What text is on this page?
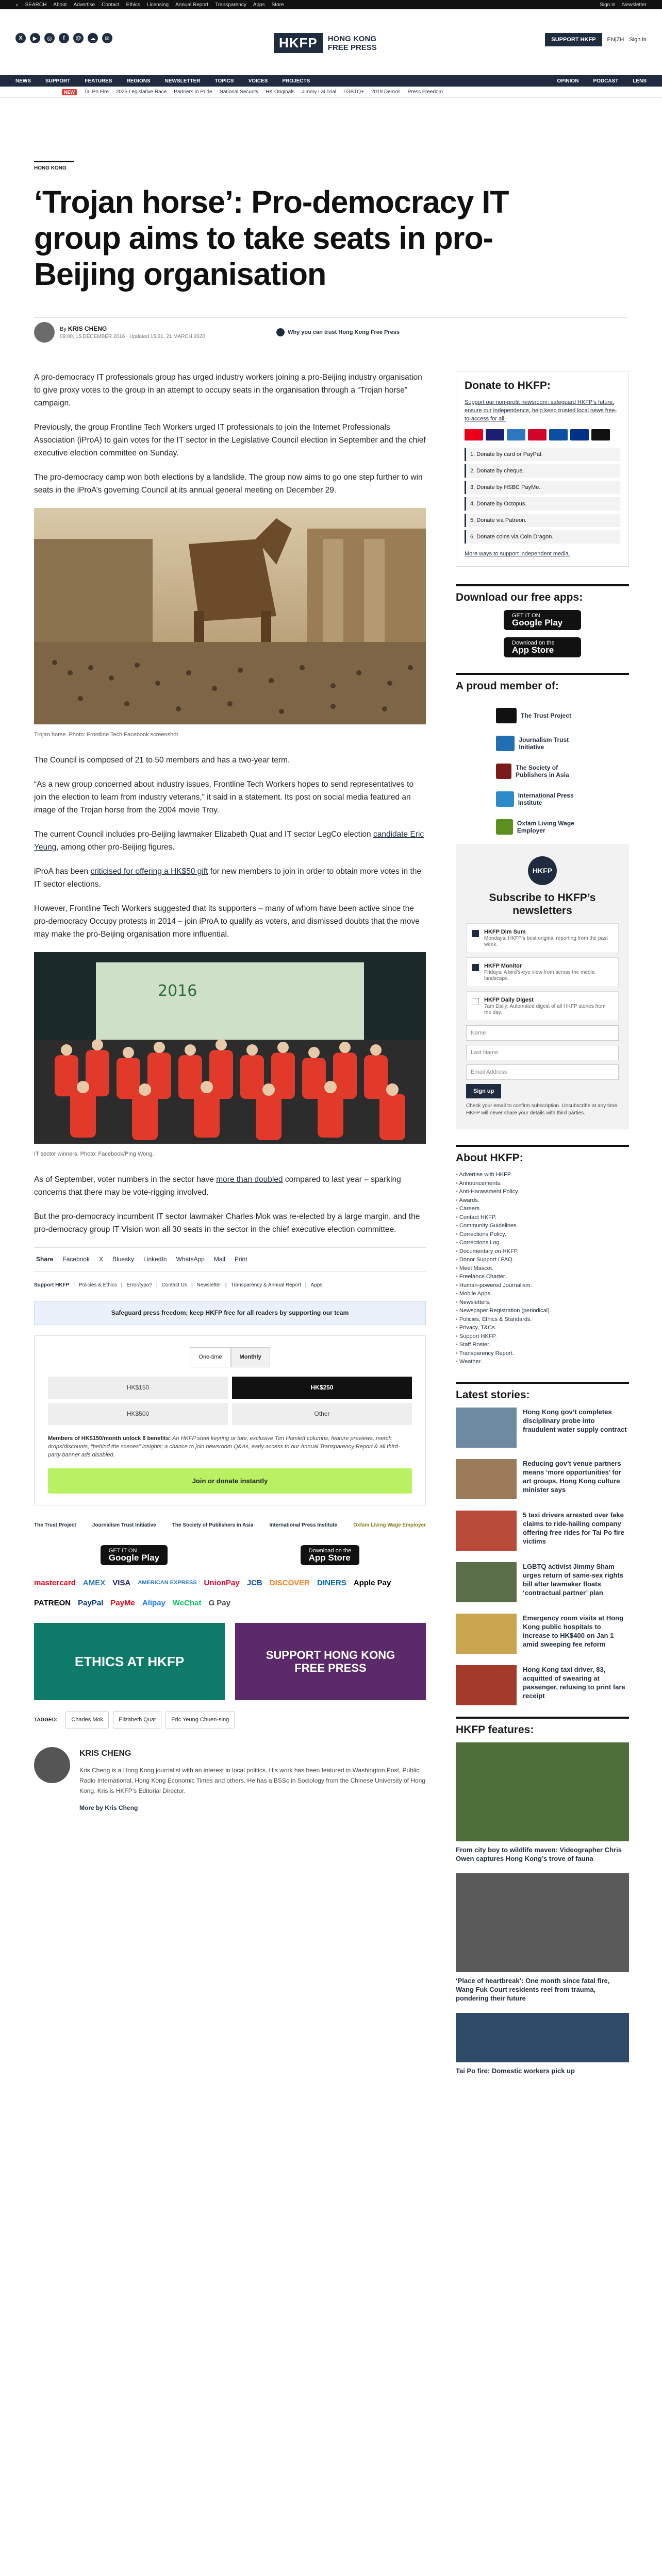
⌕ SEARCH About Advertise Contact Ethics Licensing Annual Report Transparency Apps Store	Sign in Newsletter
X	▶	◎	f	@	☁	✉	HKFP	HONG KONG
FREE PRESS
SUPPORT HKFP	EN|ZH Sign in
NEWS	SUPPORT	FEATURES	REGIONS	NEWSLETTER	TOPICS	VOICES	PROJECTS	OPINION	PODCAST	LENS
NEW	Tai Po Fire 2025 Legislative Race Partners in Pride National Security HK Originals Jimmy Lai Trial LGBTQ+ 2019 Demos Press Freedom
HONG KONG
‘Trojan horse’: Pro-democracy IT group aims to take seats in pro-Beijing organisation
By KRIS CHENG
09:00, 15 DECEMBER 2016 · Updated 15:51, 21 MARCH 2020
Why you can trust Hong Kong Free Press

A pro-democracy IT professionals group has urged industry workers joining a pro-Beijing industry organisation to give proxy votes to the group in an attempt to occupy seats in the organisation through a “Trojan horse” campaign.

Previously, the group Frontline Tech Workers urged IT professionals to join the Internet Professionals Association (iProA) to gain votes for the IT sector in the Legislative Council election in September and the chief executive election committee on Sunday.

The pro-democracy camp won both elections by a landslide. The group now aims to go one step further to win seats in the iProA’s governing Council at its annual general meeting on December 29.

Trojan horse. Photo: Frontline Tech Facebook screenshot.

The Council is composed of 21 to 50 members and has a two-year term.

“As a new group concerned about industry issues, Frontline Tech Workers hopes to send representatives to join the election to learn from industry veterans,” it said in a statement. Its post on social media featured an image of the Trojan horse from the 2004 movie Troy.

The current Council includes pro-Beijing lawmaker Elizabeth Quat and IT sector LegCo election candidate Eric Yeung, among other pro-Beijing figures.

iProA has been criticised for offering a HK$50 gift for new members to join in order to obtain more votes in the IT sector elections.

However, Frontline Tech Workers suggested that its supporters – many of whom have been active since the pro-democracy Occupy protests in 2014 – join iProA to qualify as voters, and dismissed doubts that the move may make the pro-Beijing organisation more influential.

2016
IT sector winners. Photo: Facebook/Ping Wong.

As of September, voter numbers in the sector have more than doubled compared to last year – sparking concerns that there may be vote-rigging involved.

But the pro-democracy incumbent IT sector lawmaker Charles Mok was re-elected by a large margin, and the pro-democracy group IT Vision won all 30 seats in the sector in the chief executive election committee.

Share Facebook X Bluesky LinkedIn WhatsApp Mail Print
Support HKFP | Policies & Ethics | Error/typo? | Contact Us | Newsletter | Transparency & Annual Report | Apps
Safeguard press freedom; keep HKFP free for all readers by supporting our team
One-time	Monthly
HK$150	HK$250
HK$500	Other
Members of HK$150/month unlock 6 benefits: An HKFP steel keyring or tote; exclusive Tim Hamlett columns; feature previews, merch drops/discounts, “behind the scenes” insights; a chance to join newsroom Q&As, early access to our Annual Transparency Report & all third-party banner ads disabled.
Join or donate instantly
The Trust Project	Journalism Trust Initiative	The Society of Publishers in Asia	International Press Institute	Oxfam Living Wage Employer
GET IT ON
Google Play
Download on the
App Store
mastercard AMEX VISA AMERICAN EXPRESS UnionPay JCB DISCOVER DINERS Apple Pay
PATREON PayPal PayMe Alipay WeChat G Pay
ETHICS AT HKFP	SUPPORT HONG KONG FREE PRESS
TAGGED:	Charles Mok	Elizabeth Quat	Eric Yeung Chuen-sing
KRIS CHENG

Kris Cheng is a Hong Kong journalist with an interest in local politics. His work has been featured in Washington Post, Public Radio International, Hong Kong Economic Times and others. He has a BSSc in Sociology from the Chinese University of Hong Kong. Kris is HKFP’s Editorial Director.

More by Kris Cheng
Donate to HKFP:

Support our non-profit newsroom: safeguard HKFP’s future, ensure our independence, help keep trusted local news free-to-access for all.

1. Donate by card or PayPal.
2. Donate by cheque.
3. Donate by HSBC PayMe.
4. Donate by Octopus.
5. Donate via Patreon.
6. Donate coins via Coin Dragon.

More ways to support independent media.

Download our free apps:
GET IT ON
Google Play
Download on the
App Store
A proud member of:
The Trust Project
Journalism Trust Initiative
The Society of Publishers in Asia
International Press Institute
Oxfam Living Wage Employer
HKFP
Subscribe to HKFP’s newsletters
HKFP Dim Sum
Mondays: HKFP’s best original reporting from the past week.
HKFP Monitor
Fridays: A bird’s-eye view from across the media landscape.
HKFP Daily Digest
7am Daily: Automated digest of all HKFP stories from the day.
Name
Last Name
Email Address
Sign up

Check your email to confirm subscription. Unsubscribe at any time. HKFP will never share your details with third parties.

About HKFP:
• Advertise with HKFP.
• Announcements.
• Anti-Harassment Policy.
• Awards.
• Careers.
• Contact HKFP.
• Community Guidelines.
• Corrections Policy.
• Corrections Log.
• Documentary on HKFP.
• Donor Support / FAQ.
• Meet Mascot.
• Freelance Charter.
• Human-powered Journalism.
• Mobile Apps.
• Newsletters.
• Newspaper Registration (periodical).
• Policies, Ethics & Standards.
• Privacy, T&Cs.
• Support HKFP.
• Staff Roster.
• Transparency Report.
• Weather.
Latest stories:
Hong Kong gov’t completes disciplinary probe into fraudulent water supply contract
Reducing gov’t venue partners means ‘more opportunities’ for art groups, Hong Kong culture minister says
5 taxi drivers arrested over fake claims to ride-hailing company offering free rides for Tai Po fire victims
LGBTQ activist Jimmy Sham urges return of same-sex rights bill after lawmaker floats ‘contractual partner’ plan
Emergency room visits at Hong Kong public hospitals to increase to HK$400 on Jan 1 amid sweeping fee reform
Hong Kong taxi driver, 83, acquitted of swearing at passenger, refusing to print fare receipt
HKFP features:
From city boy to wildlife maven: Videographer Chris Owen captures Hong Kong’s trove of fauna
‘Place of heartbreak’: One month since fatal fire, Wang Fuk Court residents reel from trauma, pondering their future
Tai Po fire: Domestic workers pick up
